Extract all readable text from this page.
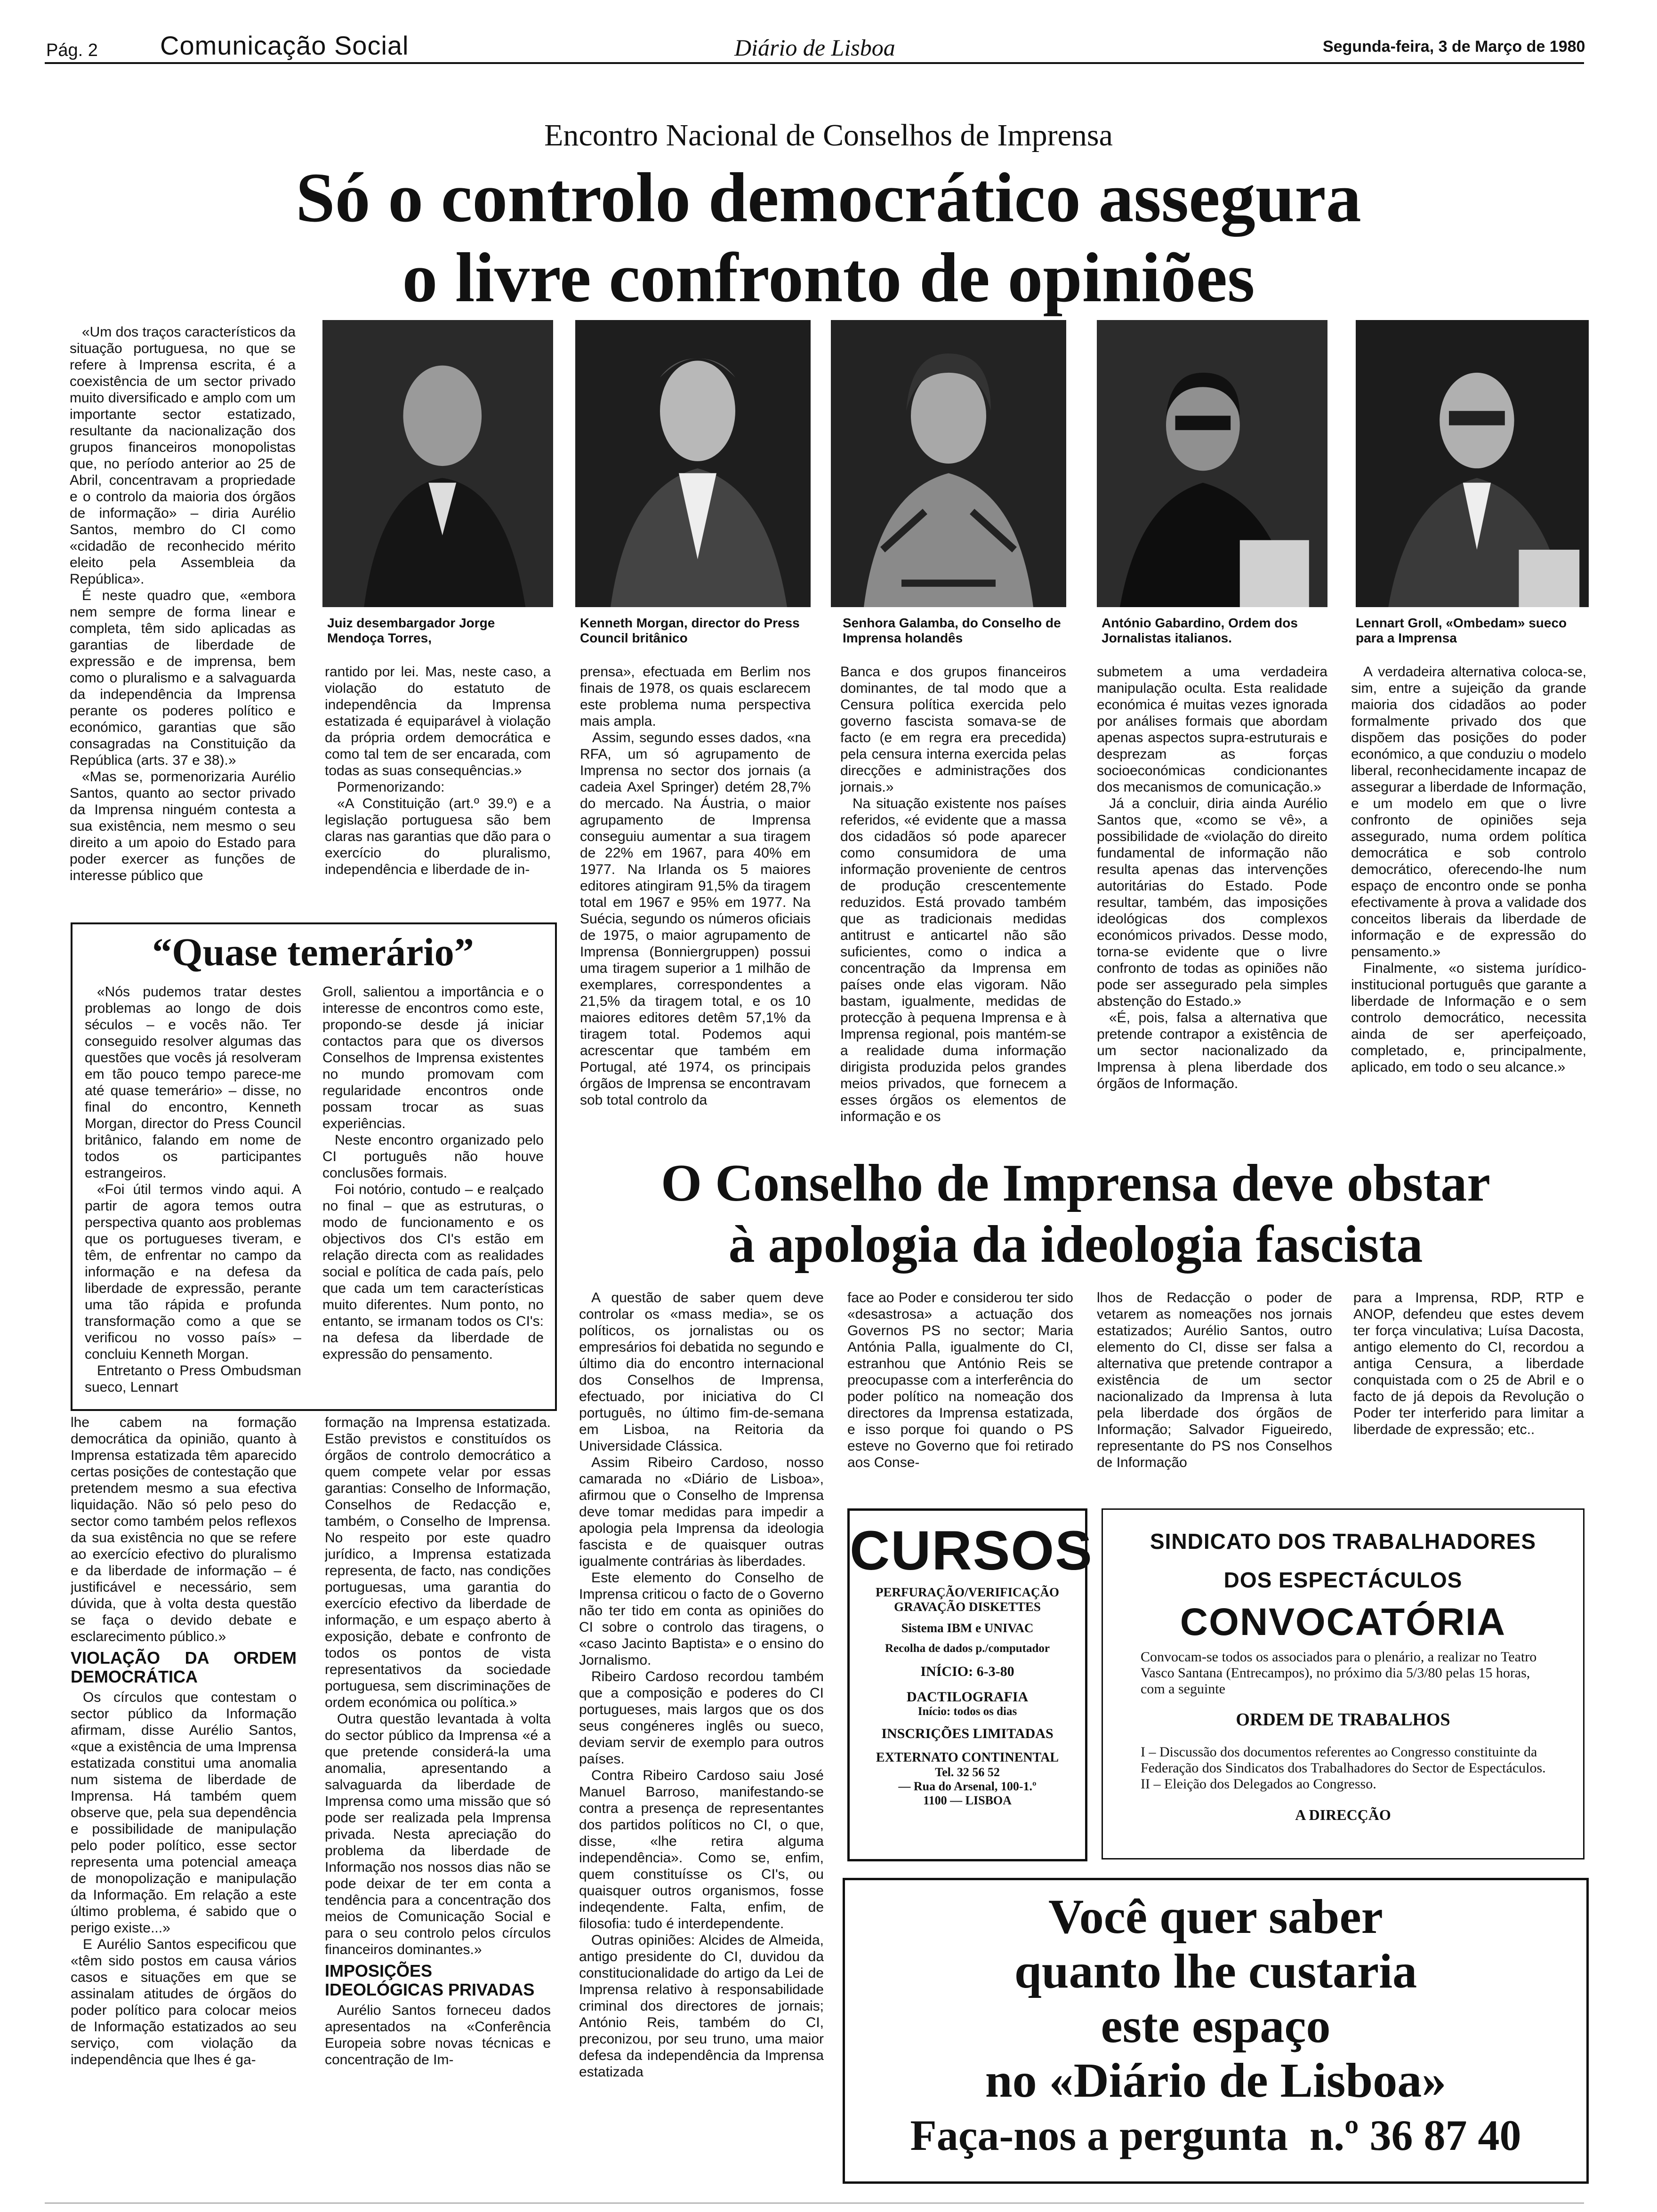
Pág. 2 Comunicação Social	Diário de Lisboa	Segunda-feira, 3 de Março de 1980
Encontro Nacional de Conselhos de Imprensa
Só o controlo democrático assegura
o livre confronto de opiniões

«Um dos traços característicos da situação portuguesa, no que se refere à Imprensa escrita, é a coexistência de um sector privado muito diversificado e amplo com um importante sector estatizado, resultante da nacionalização dos grupos financeiros monopolistas que, no período anterior ao 25 de Abril, concentravam a propriedade e o controlo da maioria dos órgãos de informação» – diria Aurélio Santos, membro do CI como «cidadão de reconhecido mérito eleito pela Assembleia da República».

É neste quadro que, «embora nem sempre de forma linear e completa, têm sido aplicadas as garantias de liberdade de expressão e de imprensa, bem como o pluralismo e a salvaguarda da independência da Imprensa perante os poderes político e económico, garantias que são consagradas na Constituição da República (arts. 37 e 38).»

«Mas se, pormenorizaria Aurélio Santos, quanto ao sector privado da Imprensa ninguém contesta a sua existência, nem mesmo o seu direito a um apoio do Estado para poder exercer as funções de interesse público que

Juiz desembargador Jorge Mendoça Torres,
Kenneth Morgan, director do Press Council britânico
Senhora Galamba, do Conselho de Imprensa holandês
António Gabardino, Ordem dos Jornalistas italianos.
Lennart Groll, «Ombedam» sueco para a Imprensa

rantido por lei. Mas, neste caso, a violação do estatuto de independência da Imprensa estatizada é equiparável à violação da própria ordem democrática e como tal tem de ser encarada, com todas as suas consequências.»

Pormenorizando:

«A Constituição (art.º 39.º) e a legislação portuguesa são bem claras nas garantias que dão para o exercício do pluralismo, independência e liberdade de in-

prensa», efectuada em Berlim nos finais de 1978, os quais esclarecem este problema numa perspectiva mais ampla.

Assim, segundo esses dados, «na RFA, um só agrupamento de Imprensa no sector dos jornais (a cadeia Axel Springer) detém 28,7% do mercado. Na Áustria, o maior agrupamento de Imprensa conseguiu aumentar a sua tiragem de 22% em 1967, para 40% em 1977. Na Irlanda os 5 maiores editores atingiram 91,5% da tiragem total em 1967 e 95% em 1977. Na Suécia, segundo os números oficiais de 1975, o maior agrupamento de Imprensa (Bonniergruppen) possui uma tiragem superior a 1 milhão de exemplares, correspondentes a 21,5% da tiragem total, e os 10 maiores editores detêm 57,1% da tiragem total. Podemos aqui acrescentar que também em Portugal, até 1974, os principais órgãos de Imprensa se encontravam sob total controlo da

Banca e dos grupos financeiros dominantes, de tal modo que a Censura política exercida pelo governo fascista somava-se de facto (e em regra era precedida) pela censura interna exercida pelas direcções e administrações dos jornais.»

Na situação existente nos países referidos, «é evidente que a massa dos cidadãos só pode aparecer como consumidora de uma informação proveniente de centros de produção crescentemente reduzidos. Está provado também que as tradicionais medidas antitrust e anticartel não são suficientes, como o indica a concentração da Imprensa em países onde elas vigoram. Não bastam, igualmente, medidas de protecção à pequena Imprensa e à Imprensa regional, pois mantém-se a realidade duma informação dirigista produzida pelos grandes meios privados, que fornecem a esses órgãos os elementos de informação e os

submetem a uma verdadeira manipulação oculta. Esta realidade económica é muitas vezes ignorada por análises formais que abordam apenas aspectos supra-estruturais e desprezam as forças socioeconómicas condicionantes dos mecanismos de comunicação.»

Já a concluir, diria ainda Aurélio Santos que, «como se vê», a possibilidade de «violação do direito fundamental de informação não resulta apenas das intervenções autoritárias do Estado. Pode resultar, também, das imposições ideológicas dos complexos económicos privados. Desse modo, torna-se evidente que o livre confronto de todas as opiniões não pode ser assegurado pela simples abstenção do Estado.»

«É, pois, falsa a alternativa que pretende contrapor a existência de um sector nacionalizado da Imprensa à plena liberdade dos órgãos de Informação.

A verdadeira alternativa coloca-se, sim, entre a sujeição da grande maioria dos cidadãos ao poder formalmente privado dos que dispõem das posições do poder económico, a que conduziu o modelo liberal, reconhecidamente incapaz de assegurar a liberdade de Informação, e um modelo em que o livre confronto de opiniões seja assegurado, numa ordem política democrática e sob controlo democrático, oferecendo-lhe num espaço de encontro onde se ponha efectivamente à prova a validade dos conceitos liberais da liberdade de informação e de expressão do pensamento.»

Finalmente, «o sistema jurídico-institucional português que garante a liberdade de Informação e o sem controlo democrático, necessita ainda de ser aperfeiçoado, completado, e, principalmente, aplicado, em todo o seu alcance.»

“Quase temerário”

«Nós pudemos tratar destes problemas ao longo de dois séculos – e vocês não. Ter conseguido resolver algumas das questões que vocês já resolveram em tão pouco tempo parece-me até quase temerário» – disse, no final do encontro, Kenneth Morgan, director do Press Council britânico, falando em nome de todos os participantes estrangeiros.

«Foi útil termos vindo aqui. A partir de agora temos outra perspectiva quanto aos problemas que os portugueses tiveram, e têm, de enfrentar no campo da informação e na defesa da liberdade de expressão, perante uma tão rápida e profunda transformação como a que se verificou no vosso país» – concluiu Kenneth Morgan.

Entretanto o Press Ombudsman sueco, Lennart

Groll, salientou a importância e o interesse de encontros como este, propondo-se desde já iniciar contactos para que os diversos Conselhos de Imprensa existentes no mundo promovam com regularidade encontros onde possam trocar as suas experiências.

Neste encontro organizado pelo CI português não houve conclusões formais.

Foi notório, contudo – e realçado no final – que as estruturas, o modo de funcionamento e os objectivos dos CI's estão em relação directa com as realidades social e política de cada país, pelo que cada um tem características muito diferentes. Num ponto, no entanto, se irmanam todos os CI's: na defesa da liberdade de expressão do pensamento.

lhe cabem na formação democrática da opinião, quanto à Imprensa estatizada têm aparecido certas posições de contestação que pretendem mesmo a sua efectiva liquidação. Não só pelo peso do sector como também pelos reflexos da sua existência no que se refere ao exercício efectivo do pluralismo e da liberdade de informação – é justificável e necessário, sem dúvida, que à volta desta questão se faça o devido debate e esclarecimento público.»

VIOLAÇÃO DA ORDEM DEMOCRÁTICA

Os círculos que contestam o sector público da Informação afirmam, disse Aurélio Santos, «que a existência de uma Imprensa estatizada constitui uma anomalia num sistema de liberdade de Imprensa. Há também quem observe que, pela sua dependência e possibilidade de manipulação pelo poder político, esse sector representa uma potencial ameaça de monopolização e manipulação da Informação. Em relação a este último problema, é sabido que o perigo existe...»

E Aurélio Santos especificou que «têm sido postos em causa vários casos e situações em que se assinalam atitudes de órgãos do poder político para colocar meios de Informação estatizados ao seu serviço, com violação da independência que lhes é ga-

formação na Imprensa estatizada. Estão previstos e constituídos os órgãos de controlo democrático a quem compete velar por essas garantias: Conselho de Informação, Conselhos de Redacção e, também, o Conselho de Imprensa. No respeito por este quadro jurídico, a Imprensa estatizada representa, de facto, nas condições portuguesas, uma garantia do exercício efectivo da liberdade de informação, e um espaço aberto à exposição, debate e confronto de todos os pontos de vista representativos da sociedade portuguesa, sem discriminações de ordem económica ou política.»

Outra questão levantada à volta do sector público da Imprensa «é a que pretende considerá-la uma anomalia, apresentando a salvaguarda da liberdade de Imprensa como uma missão que só pode ser realizada pela Imprensa privada. Nesta apreciação do problema da liberdade de Informação nos nossos dias não se pode deixar de ter em conta a tendência para a concentração dos meios de Comunicação Social e para o seu controlo pelos círculos financeiros dominantes.»

IMPOSIÇÕES IDEOLÓGICAS PRIVADAS

Aurélio Santos forneceu dados apresentados na «Conferência Europeia sobre novas técnicas e concentração de Im-

O Conselho de Imprensa deve obstar
à apologia da ideologia fascista

A questão de saber quem deve controlar os «mass media», se os políticos, os jornalistas ou os empresários foi debatida no segundo e último dia do encontro internacional dos Conselhos de Imprensa, efectuado, por iniciativa do CI português, no último fim-de-semana em Lisboa, na Reitoria da Universidade Clássica.

Assim Ribeiro Cardoso, nosso camarada no «Diário de Lisboa», afirmou que o Conselho de Imprensa deve tomar medidas para impedir a apologia pela Imprensa da ideologia fascista e de quaisquer outras igualmente contrárias às liberdades.

Este elemento do Conselho de Imprensa criticou o facto de o Governo não ter tido em conta as opiniões do CI sobre o controlo das tiragens, o «caso Jacinto Baptista» e o ensino do Jornalismo.

Ribeiro Cardoso recordou também que a composição e poderes do CI portugueses, mais largos que os dos seus congéneres inglês ou sueco, deviam servir de exemplo para outros países.

Contra Ribeiro Cardoso saiu José Manuel Barroso, manifestando-se contra a presença de representantes dos partidos políticos no CI, o que, disse, «lhe retira alguma independência». Como se, enfim, quem constituísse os CI's, ou quaisquer outros organismos, fosse indeqendente. Falta, enfim, de filosofia: tudo é interdependente.

Outras opiniões: Alcides de Almeida, antigo presidente do CI, duvidou da constitucionalidade do artigo da Lei de Imprensa relativo à responsabilidade criminal dos directores de jornais; António Reis, também do CI, preconizou, por seu truno, uma maior defesa da independência da Imprensa estatizada

face ao Poder e considerou ter sido «desastrosa» a actuação dos Governos PS no sector; Maria Antónia Palla, igualmente do CI, estranhou que António Reis se preocupasse com a interferência do poder político na nomeação dos directores da Imprensa estatizada, e isso porque foi quando o PS esteve no Governo que foi retirado aos Conse-

lhos de Redacção o poder de vetarem as nomeações nos jornais estatizados; Aurélio Santos, outro elemento do CI, disse ser falsa a alternativa que pretende contrapor a existência de um sector nacionalizado da Imprensa à luta pela liberdade dos órgãos de Informação; Salvador Figueiredo, representante do PS nos Conselhos de Informação

para a Imprensa, RDP, RTP e ANOP, defendeu que estes devem ter força vinculativa; Luísa Dacosta, antigo elemento do CI, recordou a antiga Censura, a liberdade conquistada com o 25 de Abril e o facto de já depois da Revolução o Poder ter interferido para limitar a liberdade de expressão; etc..

CURSOS
PERFURAÇÃO/VERIFICAÇÃO
GRAVAÇÃO DISKETTES
Sistema IBM e UNIVAC
Recolha de dados p./computador
INÍCIO: 6-3-80
DACTILOGRAFIA
Início: todos os dias
INSCRIÇÕES LIMITADAS
EXTERNATO CONTINENTAL
Tel. 32 56 52
— Rua do Arsenal, 100-1.º
1100 — LISBOA
SINDICATO DOS TRABALHADORES
DOS ESPECTÁCULOS
CONVOCATÓRIA
Convocam-se todos os associados para o plenário, a realizar no Teatro Vasco Santana (Entrecampos), no próximo dia 5/3/80 pelas 15 horas, com a seguinte
ORDEM DE TRABALHOS
I – Discussão dos documentos referentes ao Congresso constituinte da Federação dos Sindicatos dos Trabalhadores do Sector de Espectáculos.
II – Eleição dos Delegados ao Congresso.
A DIRECÇÃO
Você quer saber
quanto lhe custaria
este espaço
no «Diário de Lisboa»
Faça-nos a pergunta  n.º 36 87 40
